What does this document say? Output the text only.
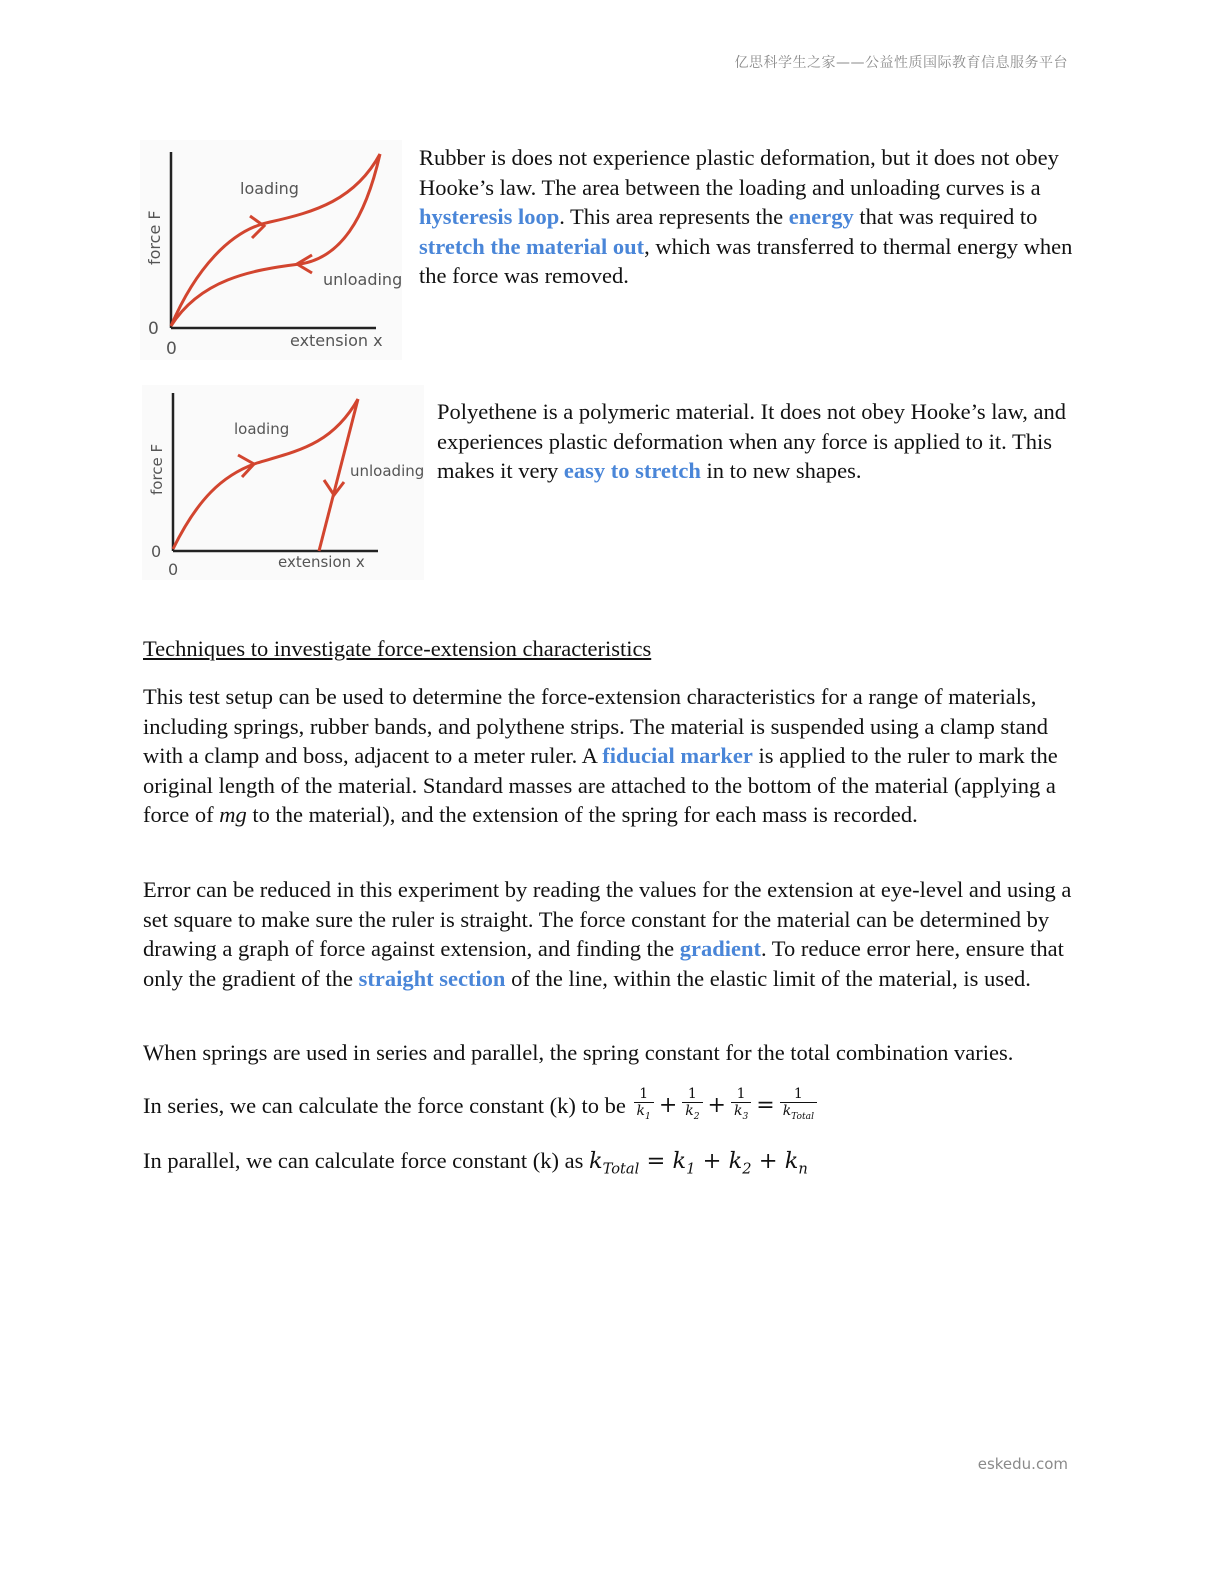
亿思科学生之家——公益性质国际教育信息服务平台
loading
unloading
extension x
force F
0
0
Rubber is does not experience plastic deformation, but it does not obey Hooke’s law. The area between the loading and unloading curves is a hysteresis loop. This area represents the energy that was required to stretch the material out, which was transferred to thermal energy when the force was removed.
loading
unloading
extension x
force F
0
0
Polyethene is a polymeric material. It does not obey Hooke’s law, and experiences plastic deformation when any force is applied to it. This makes it very easy to stretch in to new shapes.
Techniques to investigate force-extension characteristics
This test setup can be used to determine the force-extension characteristics for a range of materials, including springs, rubber bands, and polythene strips. The material is suspended using a clamp stand with a clamp and boss, adjacent to a meter ruler. A fiducial marker is applied to the ruler to mark the original length of the material. Standard masses are attached to the bottom of the material (applying a force of mg to the material), and the extension of the spring for each mass is recorded.
Error can be reduced in this experiment by reading the values for the extension at eye-level and using a set square to make sure the ruler is straight. The force constant for the material can be determined by drawing a graph of force against extension, and finding the gradient. To reduce error here, ensure that only the gradient of the straight section of the line, within the elastic limit of the material, is used.
When springs are used in series and parallel, the spring constant for the total combination varies.
In series, we can calculate the force constant (k) to be $\frac{1}{k_1} + \frac{1}{k_2} + \frac{1}{k_3} = \frac{1}{k_{Total}}$
In parallel, we can calculate force constant (k) as $k_{Total} = k_1 + k_2 + k_n$
eskedu.com
